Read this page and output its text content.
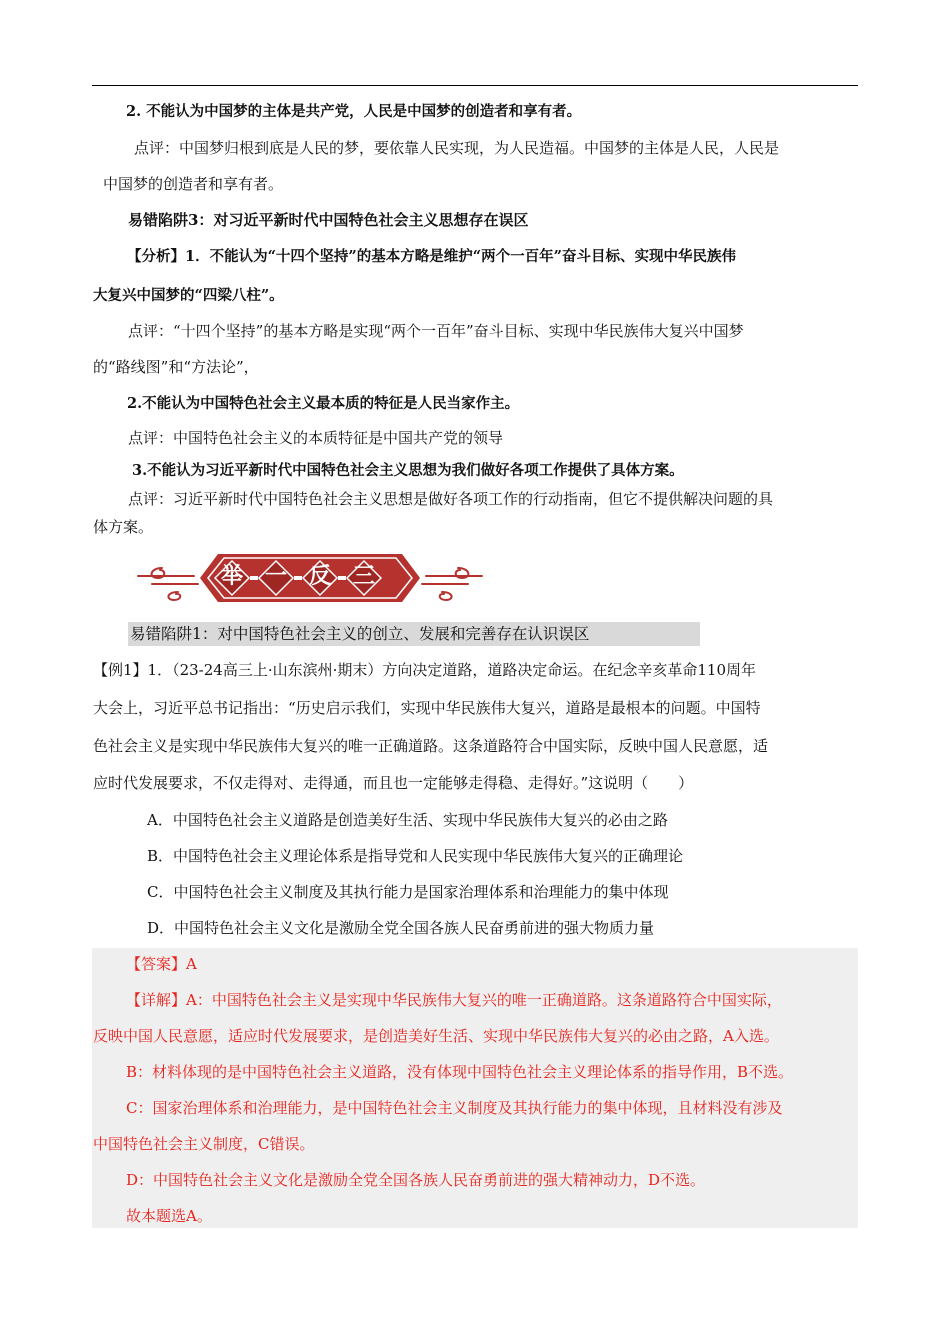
2. 不能认为中国梦的主体是共产党，人民是中国梦的创造者和享有者。
点评：中国梦归根到底是人民的梦，要依靠人民实现，为人民造福。中国梦的主体是人民，人民是
中国梦的创造者和享有者。
易错陷阱3：对习近平新时代中国特色社会主义思想存在误区
【分析】1．不能认为“十四个坚持”的基本方略是维护“两个一百年”奋斗目标、实现中华民族伟
大复兴中国梦的“四梁八柱”。
点评：“十四个坚持”的基本方略是实现“两个一百年”奋斗目标、实现中华民族伟大复兴中国梦
的“路线图”和“方法论”，
2.不能认为中国特色社会主义最本质的特征是人民当家作主。
点评：中国特色社会主义的本质特征是中国共产党的领导
3.不能认为习近平新时代中国特色社会主义思想为我们做好各项工作提供了具体方案。
点评：习近平新时代中国特色社会主义思想是做好各项工作的行动指南，但它不提供解决问题的具
体方案。
举 一 反 三
易错陷阱1：对中国特色社会主义的创立、发展和完善存在认识误区
【例1】1．（23-24高三上·山东滨州·期末）方向决定道路，道路决定命运。在纪念辛亥革命110周年
大会上，习近平总书记指出：“历史启示我们，实现中华民族伟大复兴，道路是最根本的问题。中国特
色社会主义是实现中华民族伟大复兴的唯一正确道路。这条道路符合中国实际，反映中国人民意愿，适
应时代发展要求，不仅走得对、走得通，而且也一定能够走得稳、走得好。”这说明（　　）
A．中国特色社会主义道路是创造美好生活、实现中华民族伟大复兴的必由之路
B．中国特色社会主义理论体系是指导党和人民实现中华民族伟大复兴的正确理论
C．中国特色社会主义制度及其执行能力是国家治理体系和治理能力的集中体现
D．中国特色社会主义文化是激励全党全国各族人民奋勇前进的强大物质力量
【答案】A
【详解】A：中国特色社会主义是实现中华民族伟大复兴的唯一正确道路。这条道路符合中国实际，
反映中国人民意愿，适应时代发展要求，是创造美好生活、实现中华民族伟大复兴的必由之路，A入选。
B：材料体现的是中国特色社会主义道路，没有体现中国特色社会主义理论体系的指导作用，B不选。
C：国家治理体系和治理能力，是中国特色社会主义制度及其执行能力的集中体现，且材料没有涉及
中国特色社会主义制度，C错误。
D：中国特色社会主义文化是激励全党全国各族人民奋勇前进的强大精神动力，D不选。
故本题选A。
